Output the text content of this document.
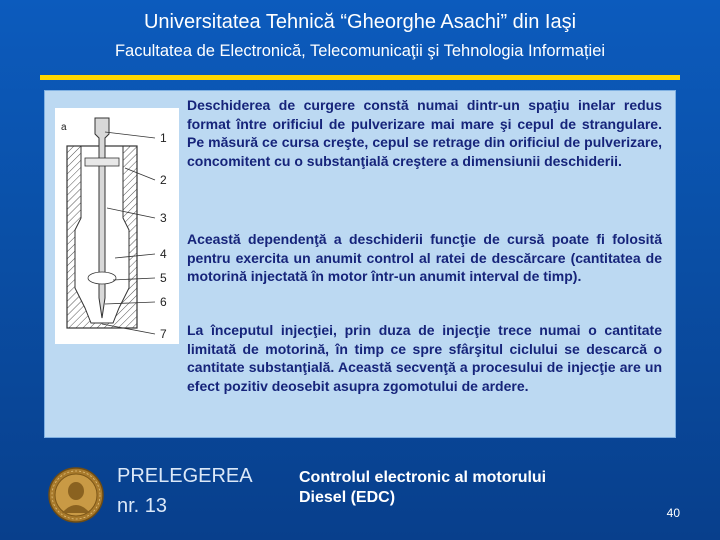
Universitatea Tehnică “Gheorghe Asachi” din Iaşi
Facultatea de Electronică, Telecomunicaţii şi Tehnologia Informației
a
1
2
3
4
5
6
7

Deschiderea de curgere constă numai dintr-un spaţiu inelar redus format între orificiul de pulverizare mai mare şi cepul de strangulare. Pe măsură ce cursa creşte, cepul se retrage din orificiul de pulverizare, concomitent cu o substanţială creştere a dimensiunii deschiderii.

Această dependenţă a deschiderii funcţie de cursă poate fi folosită pentru exercita un anumit control al ratei de descărcare (cantitatea de motorină injectată în motor într-un anumit interval de timp).

La începutul injecţiei, prin duza de injecţie trece numai o cantitate limitată de motorină, în timp ce spre sfârşitul ciclului se descarcă o cantitate substanţială. Această secvenţă a procesului de injecţie are un efect pozitiv deosebit asupra zgomotului de ardere.

PRELEGEREA
nr. 13
Controlul electronic al motorului
Diesel (EDC)
40
